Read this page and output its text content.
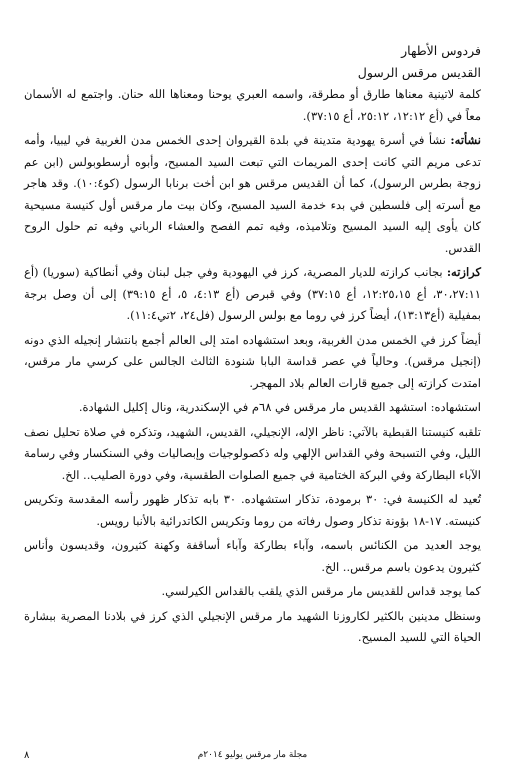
فردوس الأطهار
القديس مرقس الرسول

كلمة لاتينية معناها طارق أو مطرقة، واسمه العبري يوحنا ومعناها الله حنان. واجتمع له الأسمان معاً في (أع ١٢:١٢، ٢٥:١٢، أع ٣٧:١٥).

نشأته: نشأ في أسرة يهودية متدينة في بلدة القيروان إحدى الخمس مدن الغربية في ليبيا، وأمه تدعى مريم التي كانت إحدى المريمات التي تبعت السيد المسيح، وأبوه أرسطوبولس (ابن عم زوجة بطرس الرسول)، كما أن القديس مرقس هو ابن أخت برنابا الرسول (كو١٠:٤). وقد هاجر مع أسرته إلى فلسطين في بدء خدمة السيد المسيح، وكان بيت مار مرقس أول كنيسة مسيحية كان يأوى إليه السيد المسيح وتلاميذه، وفيه تمم الفصح والعشاء الرباني وفيه تم حلول الروح القدس.

كرازته: بجانب كرازته للديار المصرية، كرز في اليهودية وفي جبل لبنان وفي أنطاكية (سوريا) (أع ٣٠،٢٧:١١، أع ١٢:٢٥،١٥، أع ٣٧:١٥) وفي قبرص (أع ٤:١٣، ٥، أع ٣٩:١٥) إلى أن وصل برجة بمفيلية (أع١٣:١٣)، أيضاً كرز في روما مع بولس الرسول (فل٢٤، ٢تي١١:٤).

أيضاً كرز في الخمس مدن الغربية، وبعد استشهاده امتد إلى العالم أجمع بانتشار إنجيله الذي دونه (إنجيل مرقس). وحالياً في عصر قداسة البابا شنودة الثالث الجالس على كرسي مار مرقس، امتدت كرازته إلى جميع قارات العالم بلاد المهجر.

استشهاده: استشهد القديس مار مرقس في ٦٨م في الإسكندرية، ونال إكليل الشهادة.

تلقبه كنيستنا القبطية بالآتي: ناظر الإله، الإنجيلي، القديس، الشهيد، وتذكره في صلاة تحليل نصف الليل، وفي التسبحة وفي القداس الإلهي وله ذكصولوجيات وإبصاليات وفي السنكسار وفي رسامة الآباء البطاركة وفي البركة الختامية في جميع الصلوات الطقسية، وفي دورة الصليب.. الخ.

تُعيد له الكنيسة في: ٣٠ برمودة، تذكار استشهاده. ٣٠ بابه تذكار ظهور رأسه المقدسة وتكريس كنيسته. ١٧-١٨ بؤونة تذكار وصول رفاته من روما وتكريس الكاتدرائية بالأنبا رويس.

يوجد العديد من الكنائس باسمه، وآباء بطاركة وآباء أساقفة وكهنة كثيرون، وقديسون وأناس كثيرون يدعون باسم مرقس.. الخ.

كما يوجد قداس للقديس مار مرقس الذي يلقب بالقداس الكيرلسي.

وسنظل مدينين بالكثير لكاروزنا الشهيد مار مرقس الإنجيلي الذي كرز في بلادنا المصرية ببشارة الحياة التي للسيد المسيح.

مجلة مار مرقس يوليو ٢٠١٤م
٨
